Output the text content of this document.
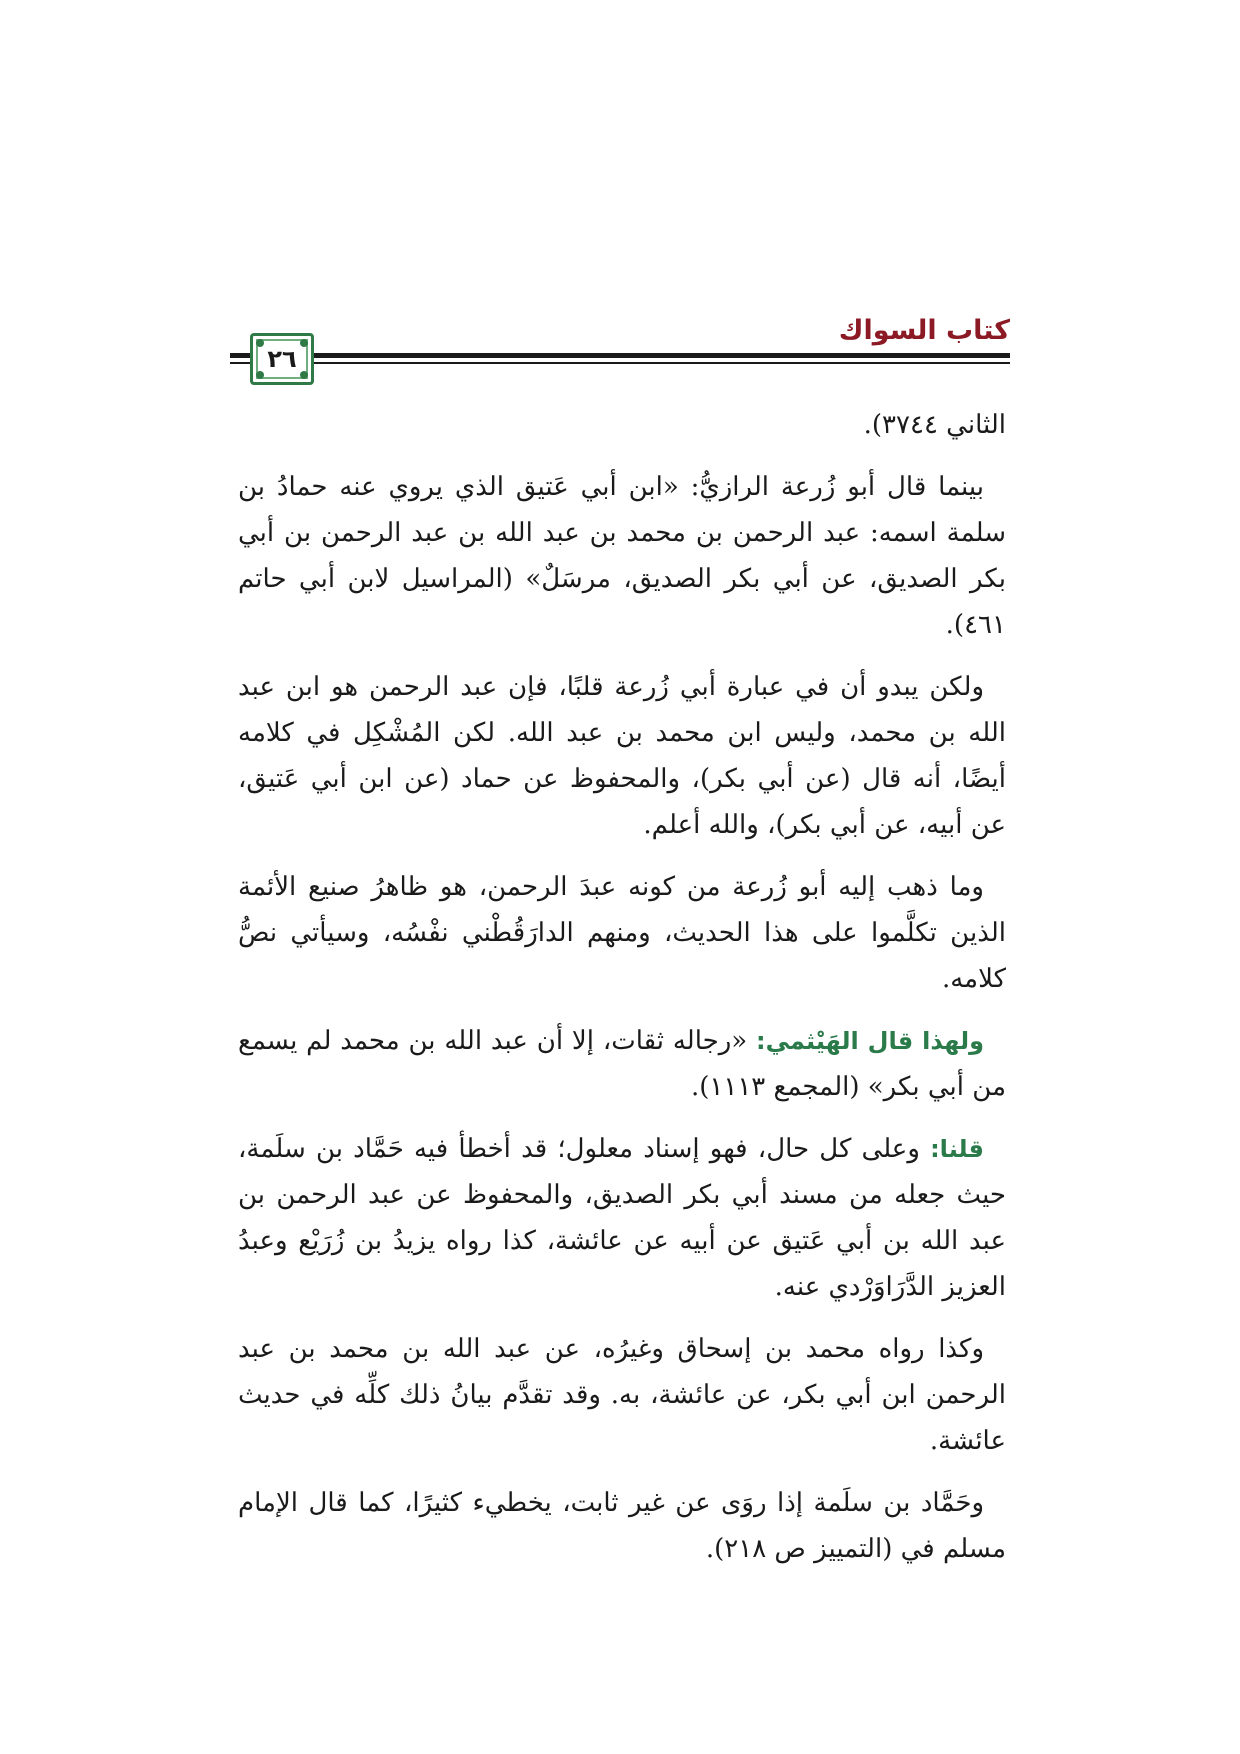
كتاب السواك
٢٦

الثاني ٣٧٤٤).

بينما قال أبو زُرعة الرازيُّ: «ابن أبي عَتيق الذي يروي عنه حمادُ بن سلمة اسمه: عبد الرحمن بن محمد بن عبد الله بن عبد الرحمن بن أبي بكر الصديق، عن أبي بكر الصديق، مرسَلٌ» (المراسيل لابن أبي حاتم ٤٦١).

ولكن يبدو أن في عبارة أبي زُرعة قلبًا، فإن عبد الرحمن هو ابن عبد الله بن محمد، وليس ابن محمد بن عبد الله. لكن المُشْكِل في كلامه أيضًا، أنه قال (عن أبي بكر)، والمحفوظ عن حماد (عن ابن أبي عَتيق، عن أبيه، عن أبي بكر)، والله أعلم.

وما ذهب إليه أبو زُرعة من كونه عبدَ الرحمن، هو ظاهرُ صنيع الأئمة الذين تكلَّموا على هذا الحديث، ومنهم الدارَقُطْني نفْسُه، وسيأتي نصُّ كلامه.

ولهذا قال الهَيْثمي: «رجاله ثقات، إلا أن عبد الله بن محمد لم يسمع من أبي بكر» (المجمع ١١١٣).

قلنا: وعلى كل حال، فهو إسناد معلول؛ قد أخطأ فيه حَمَّاد بن سلَمة، حيث جعله من مسند أبي بكر الصديق، والمحفوظ عن عبد الرحمن بن عبد الله بن أبي عَتيق عن أبيه عن عائشة، كذا رواه يزيدُ بن زُرَيْع وعبدُ العزيز الدَّرَاوَرْدي عنه.

وكذا رواه محمد بن إسحاق وغيرُه، عن عبد الله بن محمد بن عبد الرحمن ابن أبي بكر، عن عائشة، به. وقد تقدَّم بيانُ ذلك كلِّه في حديث عائشة.

وحَمَّاد بن سلَمة إذا روَى عن غير ثابت، يخطيء كثيرًا، كما قال الإمام مسلم في (التمييز ص ٢١٨).
